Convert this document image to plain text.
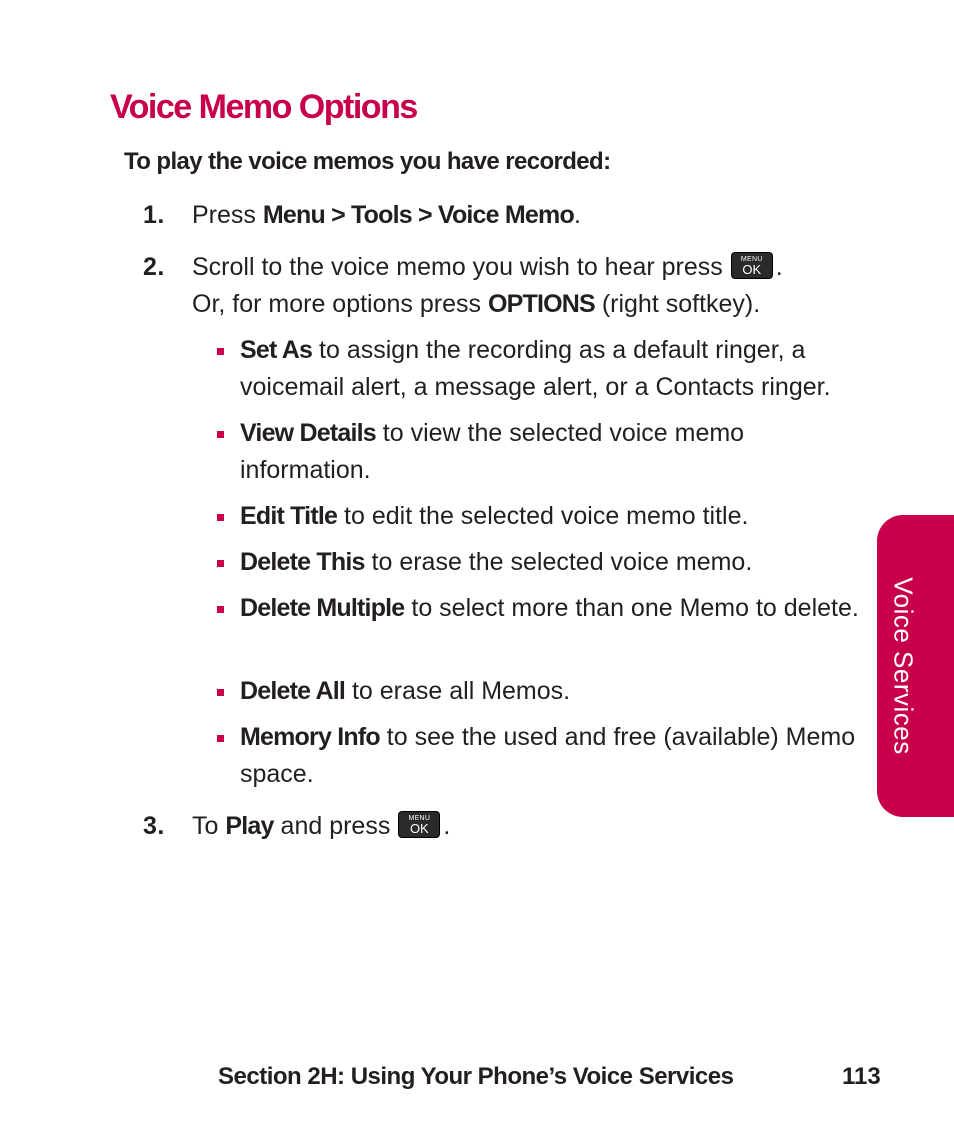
Voice Memo Options
To play the voice memos you have recorded:
1. Press Menu > Tools > Voice Memo.
2. Scroll to the voice memo you wish to hear press	MENU
OK .
Or, for more options press OPTIONS (right softkey).
Set As to assign the recording as a default ringer, a voicemail alert, a message alert, or a Contacts ringer.
View Details to view the selected voice memo information.
Edit Title to edit the selected voice memo title.
Delete This to erase the selected voice memo.
Delete Multiple to select more than one Memo to delete.
Delete All to erase all Memos.
Memory Info to see the used and free (available) Memo space.
3. To Play and press	MENU
OK .
Voice Services
Section 2H: Using Your Phone’s Voice Services	113
